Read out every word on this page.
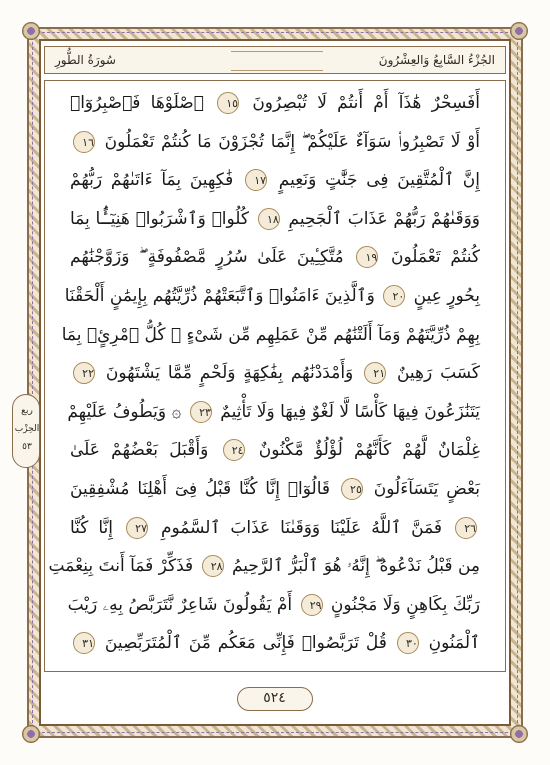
سُورَةُ الطُّورِ	الجُزْءُ السَّابِعُ وَالعِشْرُونَ
أَفَسِحْرٌ هَٰذَآ أَمْ أَنتُمْ لَا تُبْصِرُونَ ١٥ ٱصْلَوْهَا فَٱصْبِرُوٓا۟
أَوْ لَا تَصْبِرُوا۟ سَوَآءٌ عَلَيْكُمْ ۖ إِنَّمَا تُجْزَوْنَ مَا كُنتُمْ تَعْمَلُونَ ١٦
إِنَّ ٱلْمُتَّقِينَ فِى جَنَّٰتٍ وَنَعِيمٍ ١٧ فَٰكِهِينَ بِمَآ ءَاتَىٰهُمْ رَبُّهُمْ
وَوَقَىٰهُمْ رَبُّهُمْ عَذَابَ ٱلْجَحِيمِ ١٨ كُلُوا۟ وَٱشْرَبُوا۟ هَنِيٓـًٔۢا بِمَا
كُنتُمْ تَعْمَلُونَ ١٩ مُتَّكِـِٔينَ عَلَىٰ سُرُرٍ مَّصْفُوفَةٍ ۖ وَزَوَّجْنَٰهُم
بِحُورٍ عِينٍ ٢٠ وَٱلَّذِينَ ءَامَنُوا۟ وَٱتَّبَعَتْهُمْ ذُرِّيَّتُهُم بِإِيمَٰنٍ أَلْحَقْنَا
بِهِمْ ذُرِّيَّتَهُمْ وَمَآ أَلَتْنَٰهُم مِّنْ عَمَلِهِم مِّن شَىْءٍ ۚ كُلُّ ٱمْرِئٍۭ بِمَا
كَسَبَ رَهِينٌ ٢١ وَأَمْدَدْنَٰهُم بِفَٰكِهَةٍ وَلَحْمٍ مِّمَّا يَشْتَهُونَ ٢٢
يَتَنَٰزَعُونَ فِيهَا كَأْسًا لَّا لَغْوٌ فِيهَا وَلَا تَأْثِيمٌ ٢٣ ۞ وَيَطُوفُ عَلَيْهِمْ
غِلْمَانٌ لَّهُمْ كَأَنَّهُمْ لُؤْلُؤٌ مَّكْنُونٌ ٢٤ وَأَقْبَلَ بَعْضُهُمْ عَلَىٰ
بَعْضٍ يَتَسَآءَلُونَ ٢٥ قَالُوٓا۟ إِنَّا كُنَّا قَبْلُ فِىٓ أَهْلِنَا مُشْفِقِينَ
٢٦ فَمَنَّ ٱللَّهُ عَلَيْنَا وَوَقَىٰنَا عَذَابَ ٱلسَّمُومِ ٢٧ إِنَّا كُنَّا
مِن قَبْلُ نَدْعُوهُ ۖ إِنَّهُۥ هُوَ ٱلْبَرُّ ٱلرَّحِيمُ ٢٨ فَذَكِّرْ فَمَآ أَنتَ بِنِعْمَتِ
رَبِّكَ بِكَاهِنٍ وَلَا مَجْنُونٍ ٢٩ أَمْ يَقُولُونَ شَاعِرٌ نَّتَرَبَّصُ بِهِۦ رَيْبَ
ٱلْمَنُونِ ٣٠ قُلْ تَرَبَّصُوا۟ فَإِنِّى مَعَكُم مِّنَ ٱلْمُتَرَبِّصِينَ ٣١
ربع
الحِزْب
٥٣
٥٢٤
